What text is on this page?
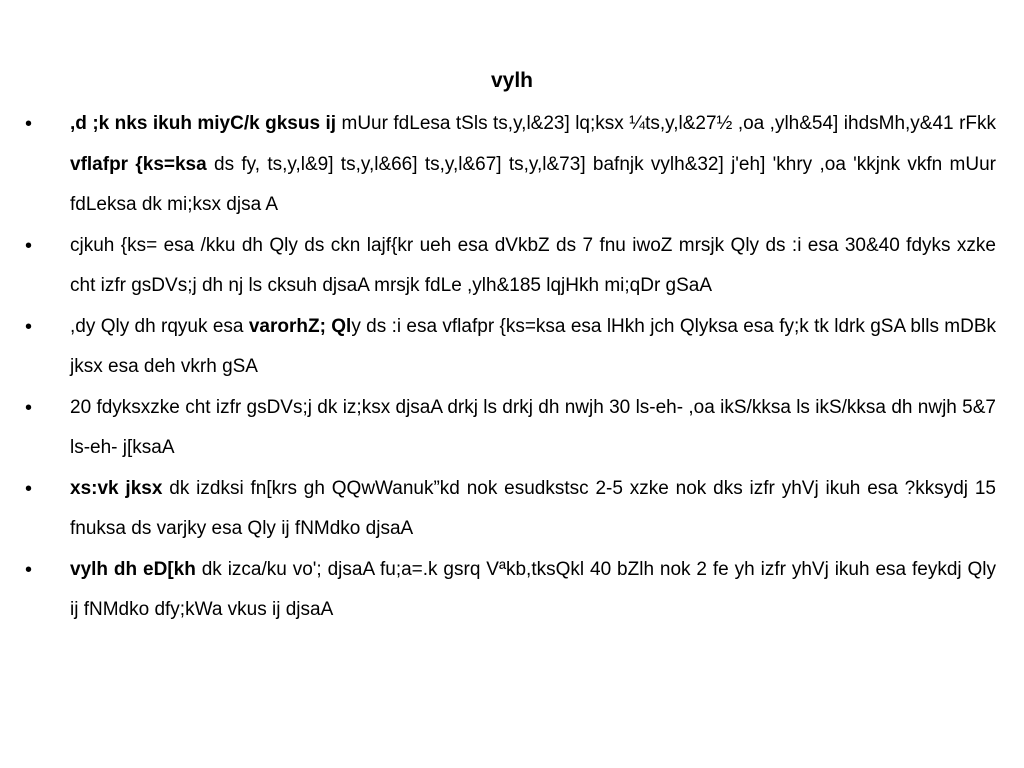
vylh
• ,d ;k nks ikuh miyC/k gksus ij mUur fdLesa tSls ts,y,l&23] lq;ksx ¼ts,y,l&27½ ,oa ,ylh&54] ihdsMh,y&41 rFkk vflafpr {ks=ksa ds fy, ts,y,l&9] ts,y,l&66] ts,y,l&67] ts,y,l&73] bafnjk vylh&32] j'eh] 'khry ,oa 'kkjnk vkfn mUur fdLeksa dk mi;ksx djsa A
• cjkuh {ks= esa /kku dh Qly ds ckn lajf{kr ueh esa dVkbZ ds 7 fnu iwoZ mrsjk Qly ds :i esa 30&40 fdyks xzke cht izfr gsDVs;j dh nj ls cksuh djsaA mrsjk fdLe ,ylh&185 lqjHkh mi;qDr gSaA
• ,dy Qly dh rqyuk esa varorhZ; Qly ds :i esa vflafpr {ks=ksa esa lHkh jch Qlyksa esa fy;k tk ldrk gSA blls mDBk jksx esa deh vkrh gSA
• 20 fdyksxzke cht izfr gsDVs;j dk iz;ksx djsaA drkj ls drkj dh nwjh 30 ls-eh- ,oa ikS/kksa ls ikS/kksa dh nwjh 5&7 ls-eh- j[ksaA
• xs:vk jksx dk izdksi fn[krs gh QQwWanuk”kd nok esudkstsc 2-5 xzke nok dks izfr yhVj ikuh esa ?kksydj 15 fnuksa ds varjky esa Qly ij fNMdko djsaA
• vylh dh eD[kh dk izca/ku vo'; djsaA fu;a=.k gsrq Vªkb,tksQkl 40 bZlh nok 2 fe yh izfr yhVj ikuh esa feykdj Qly ij fNMdko dfy;kWa vkus ij djsaA
